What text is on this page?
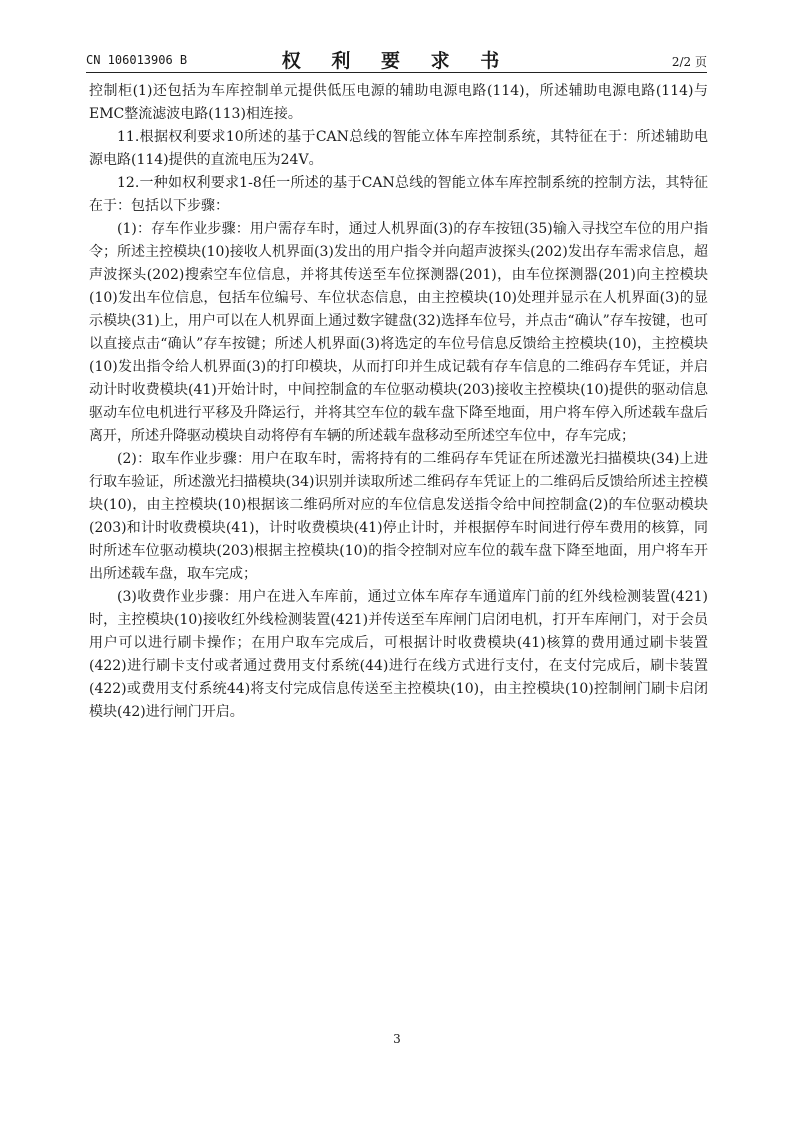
CN 106013906 B	权 利 要 求 书	2/2 页

控制柜(1)还包括为车库控制单元提供低压电源的辅助电源电路(114)，所述辅助电源电路(114)与EMC整流滤波电路(113)相连接。

11.根据权利要求10所述的基于CAN总线的智能立体车库控制系统，其特征在于：所述辅助电源电路(114)提供的直流电压为24V。

12.一种如权利要求1-8任一所述的基于CAN总线的智能立体车库控制系统的控制方法，其特征在于：包括以下步骤：

(1)：存车作业步骤：用户需存车时，通过人机界面(3)的存车按钮(35)输入寻找空车位的用户指令；所述主控模块(10)接收人机界面(3)发出的用户指令并向超声波探头(202)发出存车需求信息，超声波探头(202)搜索空车位信息，并将其传送至车位探测器(201)，由车位探测器(201)向主控模块(10)发出车位信息，包括车位编号、车位状态信息，由主控模块(10)处理并显示在人机界面(3)的显示模块(31)上，用户可以在人机界面上通过数字键盘(32)选择车位号，并点击“确认”存车按键，也可以直接点击“确认”存车按键；所述人机界面(3)将选定的车位号信息反馈给主控模块(10)，主控模块(10)发出指令给人机界面(3)的打印模块，从而打印并生成记载有存车信息的二维码存车凭证，并启动计时收费模块(41)开始计时，中间控制盒的车位驱动模块(203)接收主控模块(10)提供的驱动信息驱动车位电机进行平移及升降运行，并将其空车位的载车盘下降至地面，用户将车停入所述载车盘后离开，所述升降驱动模块自动将停有车辆的所述载车盘移动至所述空车位中，存车完成；

(2)：取车作业步骤：用户在取车时，需将持有的二维码存车凭证在所述激光扫描模块(34)上进行取车验证，所述激光扫描模块(34)识别并读取所述二维码存车凭证上的二维码后反馈给所述主控模块(10)，由主控模块(10)根据该二维码所对应的车位信息发送指令给中间控制盒(2)的车位驱动模块(203)和计时收费模块(41)，计时收费模块(41)停止计时，并根据停车时间进行停车费用的核算，同时所述车位驱动模块(203)根据主控模块(10)的指令控制对应车位的载车盘下降至地面，用户将车开出所述载车盘，取车完成；

(3)收费作业步骤：用户在进入车库前，通过立体车库存车通道库门前的红外线检测装置(421)时，主控模块(10)接收红外线检测装置(421)并传送至车库闸门启闭电机，打开车库闸门，对于会员用户可以进行刷卡操作；在用户取车完成后，可根据计时收费模块(41)核算的费用通过刷卡装置(422)进行刷卡支付或者通过费用支付系统(44)进行在线方式进行支付，在支付完成后，刷卡装置(422)或费用支付系统44)将支付完成信息传送至主控模块(10)，由主控模块(10)控制闸门刷卡启闭模块(42)进行闸门开启。

3
